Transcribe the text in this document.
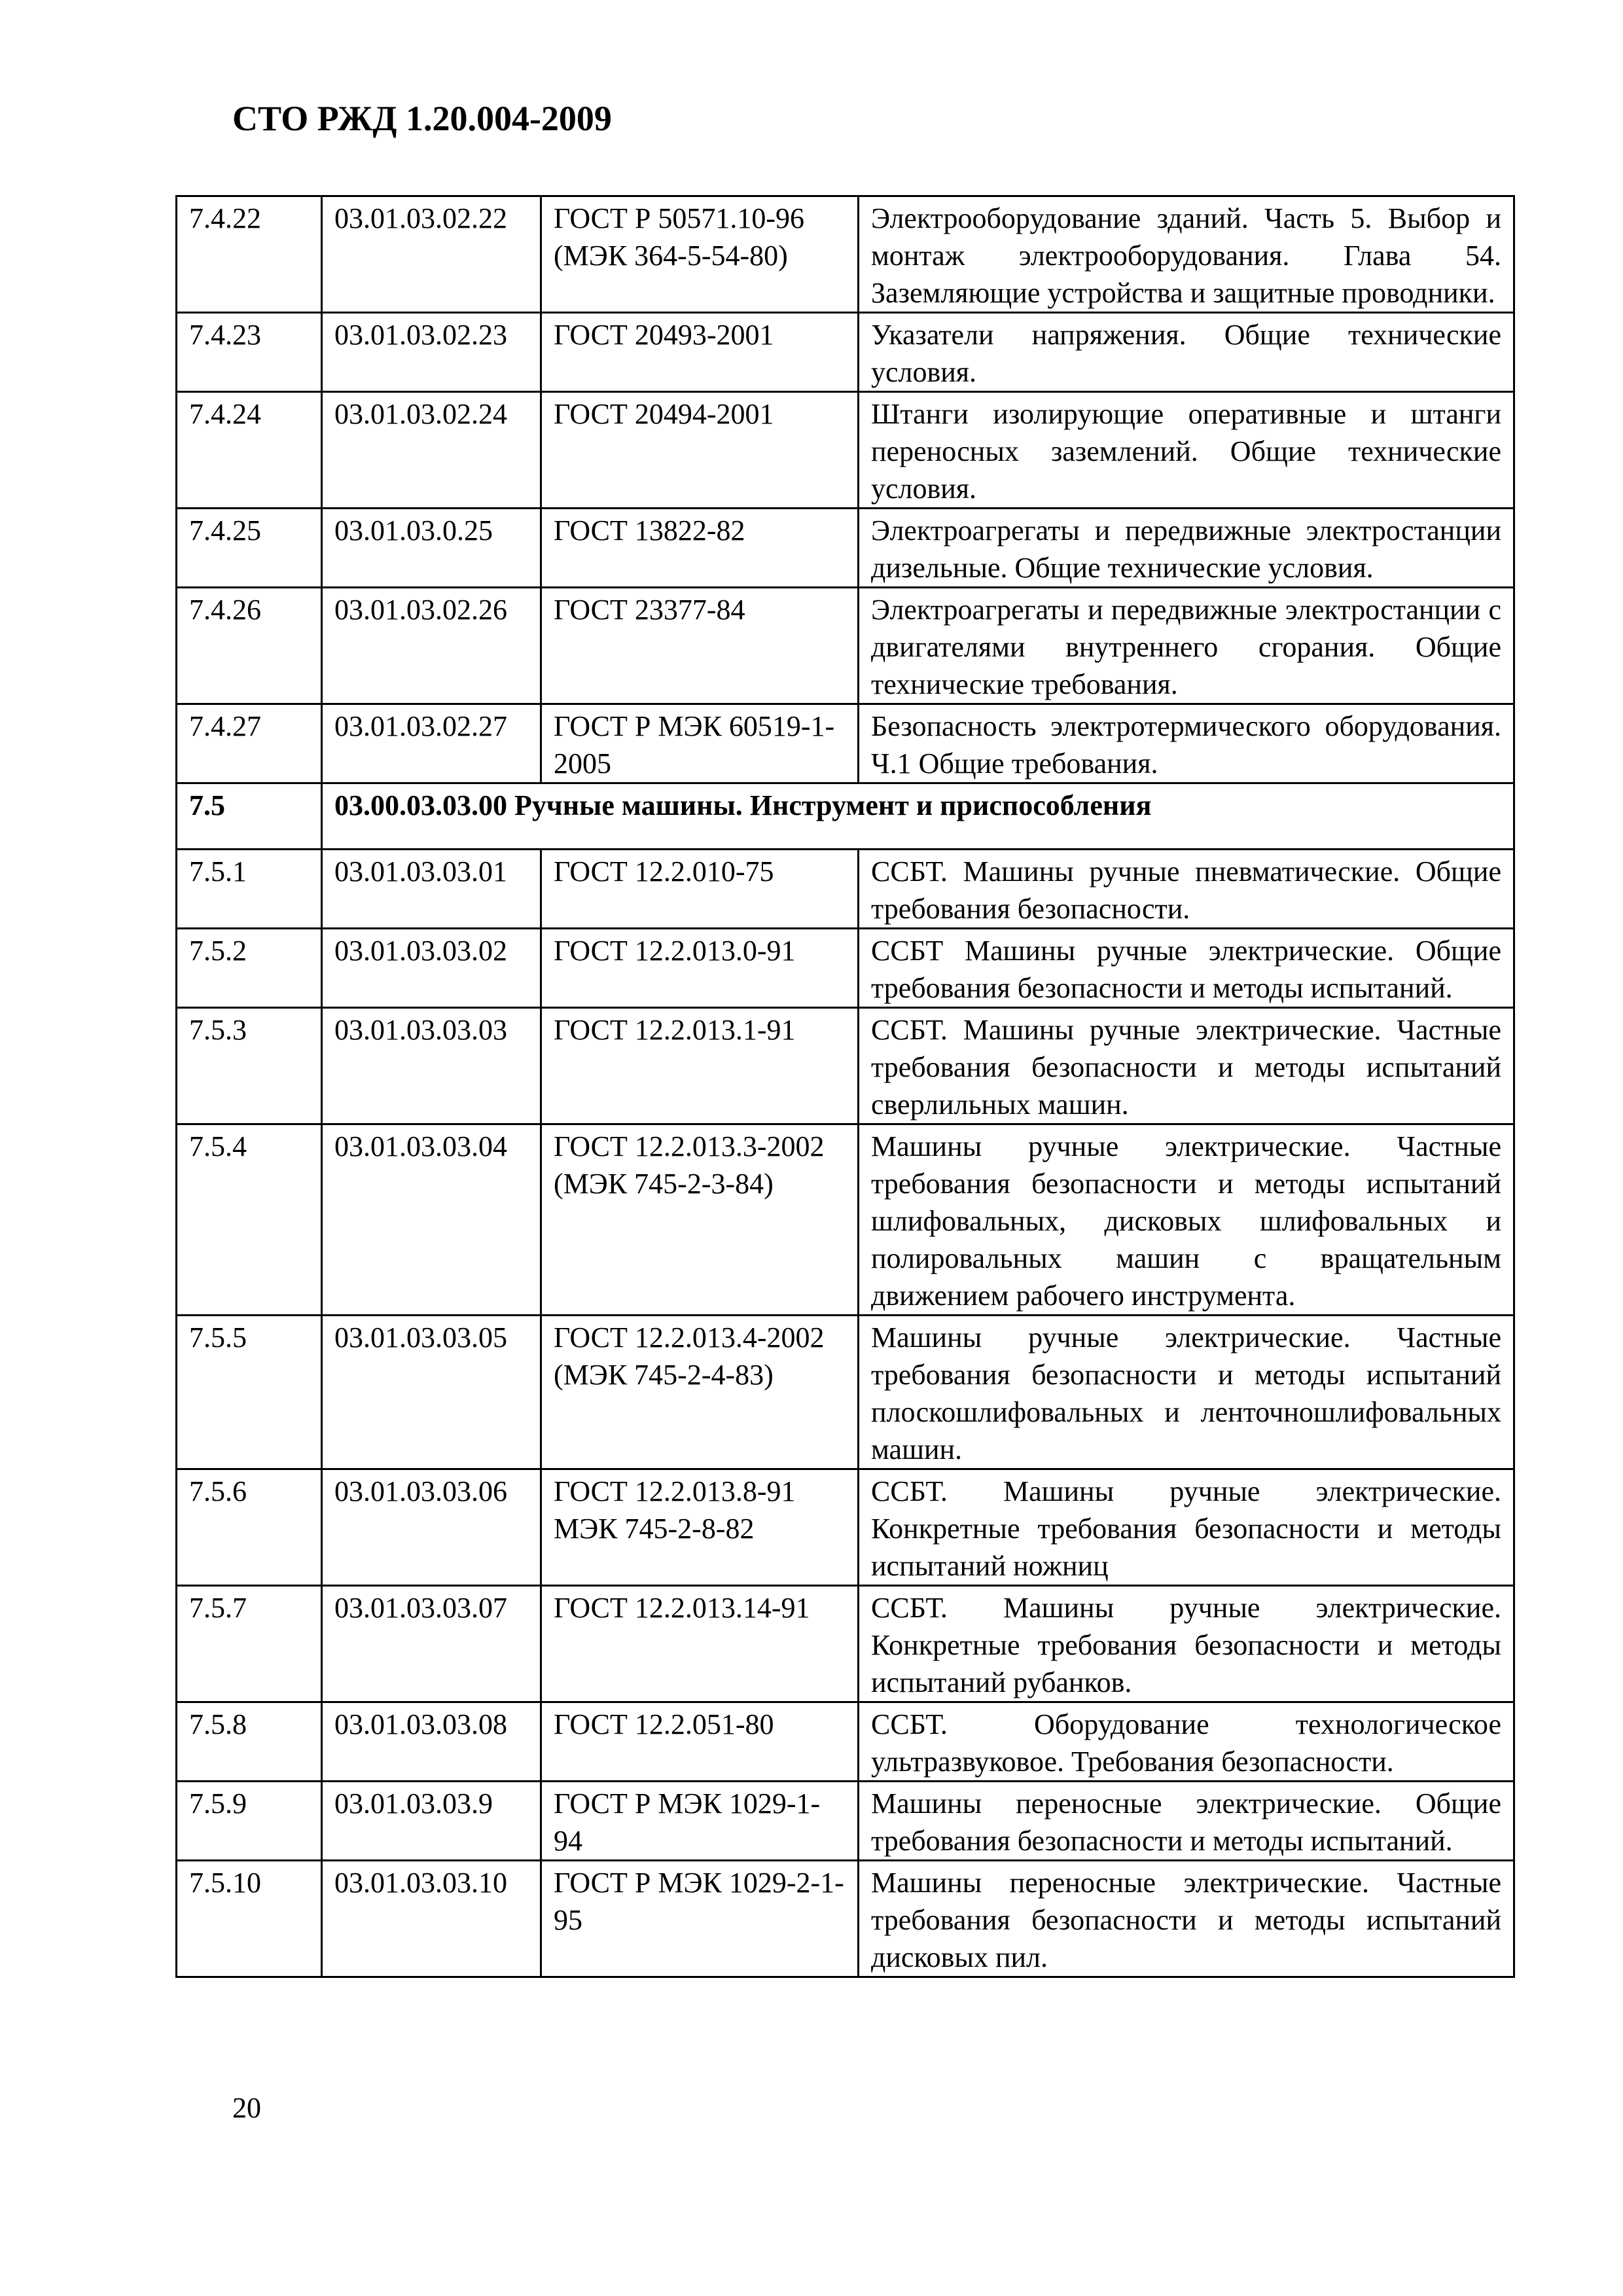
СТО РЖД 1.20.004-2009
7.4.22	03.01.03.02.22	ГОСТ Р 50571.10-96 (МЭК 364-5-54-80)	Электрооборудование зданий. Часть 5. Выбор и монтаж электрооборудования. Глава 54. Заземляющие устройства и защитные проводники.
7.4.23	03.01.03.02.23	ГОСТ 20493-2001	Указатели напряжения. Общие технические условия.
7.4.24	03.01.03.02.24	ГОСТ 20494-2001	Штанги изолирующие оперативные и штанги переносных заземлений. Общие технические условия.
7.4.25	03.01.03.0.25	ГОСТ 13822-82	Электроагрегаты и передвижные электростанции дизельные. Общие технические условия.
7.4.26	03.01.03.02.26	ГОСТ 23377-84	Электроагрегаты и передвижные электростанции с двигателями внутреннего сгорания. Общие технические требования.
7.4.27	03.01.03.02.27	ГОСТ Р МЭК 60519-1-2005	Безопасность электротермического оборудования. Ч.1 Общие требования.
7.5	03.00.03.03.00 Ручные машины. Инструмент и приспособления		
7.5.1	03.01.03.03.01	ГОСТ 12.2.010-75	ССБТ. Машины ручные пневматические. Общие требования безопасности.
7.5.2	03.01.03.03.02	ГОСТ 12.2.013.0-91	ССБТ Машины ручные электрические. Общие требования безопасности и методы испытаний.
7.5.3	03.01.03.03.03	ГОСТ 12.2.013.1-91	ССБТ. Машины ручные электрические. Частные требования безопасности и методы испытаний сверлильных машин.
7.5.4	03.01.03.03.04	ГОСТ 12.2.013.3-2002 (МЭК 745-2-3-84)	Машины ручные электрические. Частные требования безопасности и методы испытаний шлифовальных, дисковых шлифовальных и полировальных машин с вращательным движением рабочего инструмента.
7.5.5	03.01.03.03.05	ГОСТ 12.2.013.4-2002 (МЭК 745-2-4-83)	Машины ручные электрические. Частные требования безопасности и методы испытаний плоскошлифовальных и ленточношлифовальных машин.
7.5.6	03.01.03.03.06	ГОСТ 12.2.013.8-91 МЭК 745-2-8-82	ССБТ. Машины ручные электрические. Конкретные требования безопасности и методы испытаний ножниц
7.5.7	03.01.03.03.07	ГОСТ 12.2.013.14-91	ССБТ. Машины ручные электрические. Конкретные требования безопасности и методы испытаний рубанков.
7.5.8	03.01.03.03.08	ГОСТ 12.2.051-80	ССБТ. Оборудование технологическое ультразвуковое. Требования безопасности.
7.5.9	03.01.03.03.9	ГОСТ Р МЭК 1029-1-94	Машины переносные электрические. Общие требования безопасности и методы испытаний.
7.5.10	03.01.03.03.10	ГОСТ Р МЭК 1029-2-1-95	Машины переносные электрические. Частные требования безопасности и методы испытаний дисковых пил.
20
